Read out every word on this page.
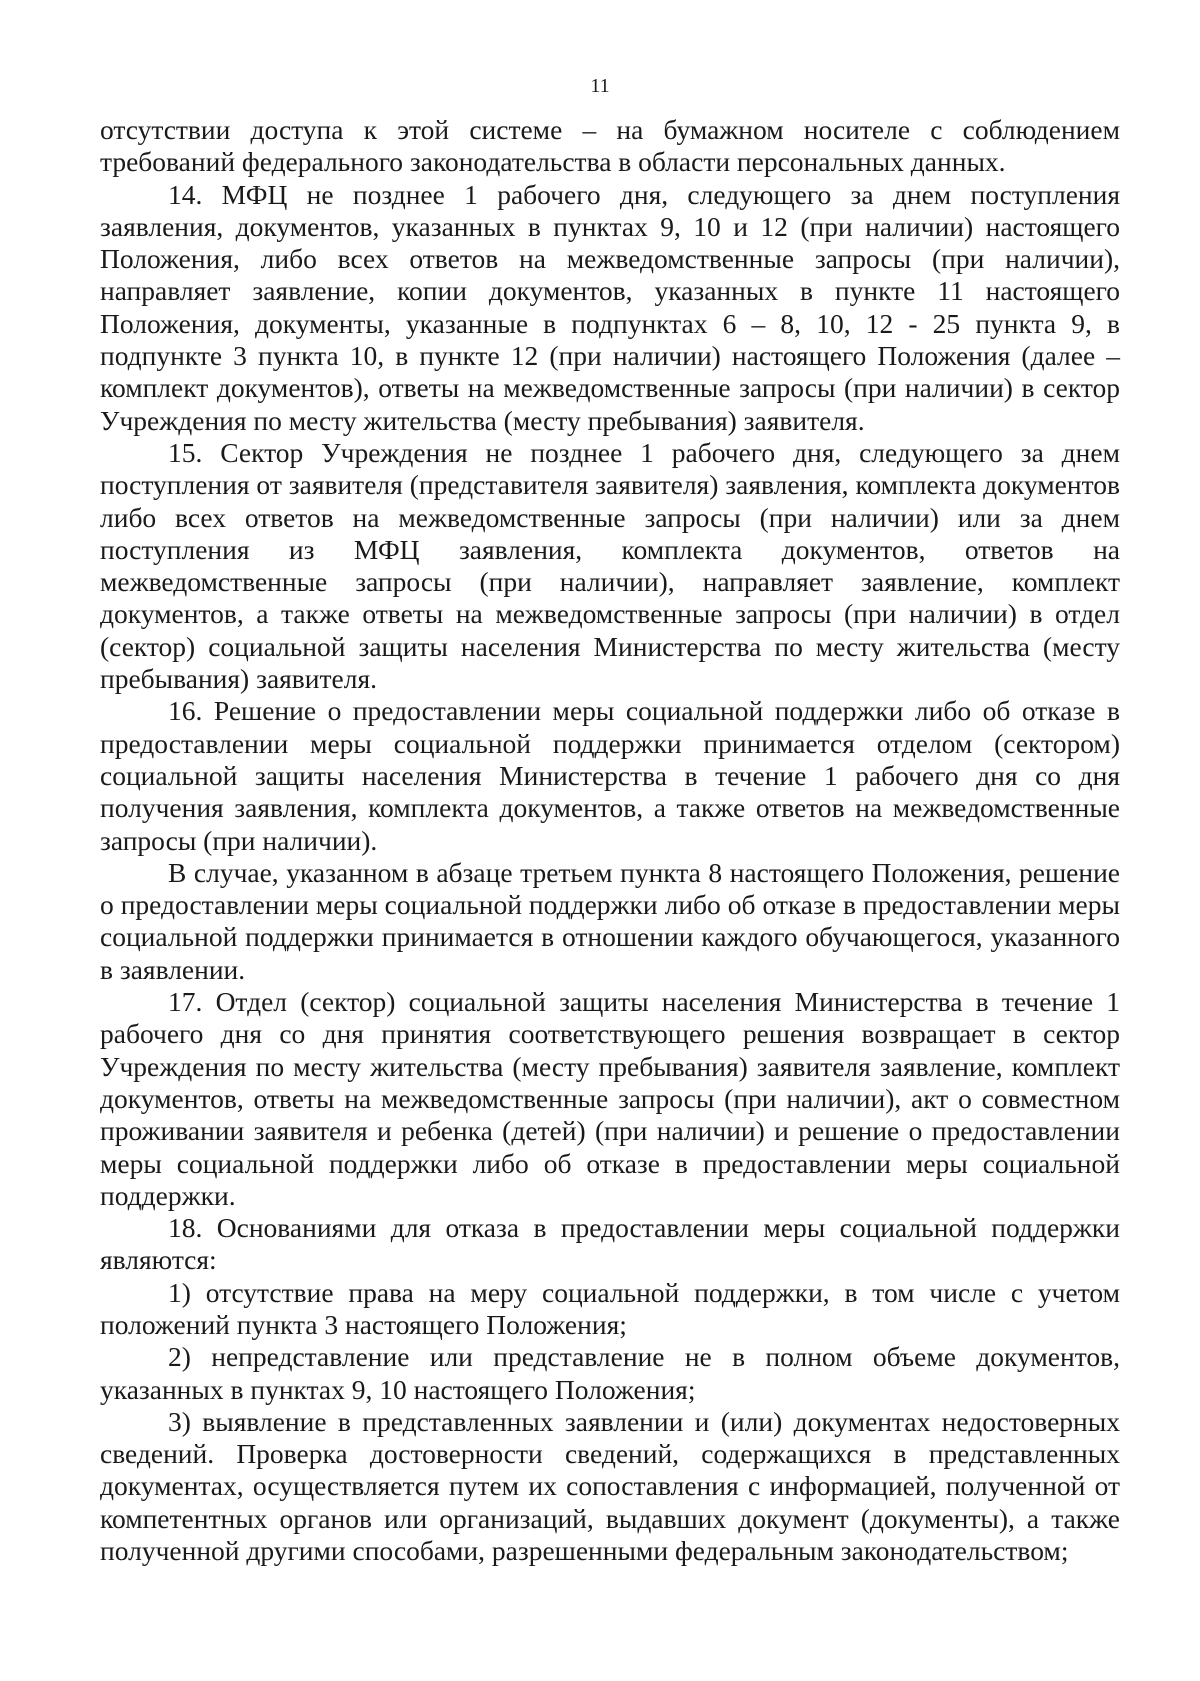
11

отсутствии доступа к этой системе – на бумажном носителе с соблюдением требований федерального законодательства в области персональных данных.

14. МФЦ не позднее 1 рабочего дня, следующего за днем поступления заявления, документов, указанных в пунктах 9, 10 и 12 (при наличии) настоящего Положения, либо всех ответов на межведомственные запросы (при наличии), направляет заявление, копии документов, указанных в пункте 11 настоящего Положения, документы, указанные в подпунктах 6 – 8, 10, 12 - 25 пункта 9, в подпункте 3 пункта 10, в пункте 12 (при наличии) настоящего Положения (далее – комплект документов), ответы на межведомственные запросы (при наличии) в сектор Учреждения по месту жительства (месту пребывания) заявителя.

15. Сектор Учреждения не позднее 1 рабочего дня, следующего за днем поступления от заявителя (представителя заявителя) заявления, комплекта документов либо всех ответов на межведомственные запросы (при наличии) или за днем поступления из МФЦ заявления, комплекта документов, ответов на межведомственные запросы (при наличии), направляет заявление, комплект документов, а также ответы на межведомственные запросы (при наличии) в отдел (сектор) социальной защиты населения Министерства по месту жительства (месту пребывания) заявителя.

16. Решение о предоставлении меры социальной поддержки либо об отказе в предоставлении меры социальной поддержки принимается отделом (сектором) социальной защиты населения Министерства в течение 1 рабочего дня со дня получения заявления, комплекта документов, а также ответов на межведомственные запросы (при наличии).

В случае, указанном в абзаце третьем пункта 8 настоящего Положения, решение о предоставлении меры социальной поддержки либо об отказе в предоставлении меры социальной поддержки принимается в отношении каждого обучающегося, указанного в заявлении.

17. Отдел (сектор) социальной защиты населения Министерства в течение 1 рабочего дня со дня принятия соответствующего решения возвращает в сектор Учреждения по месту жительства (месту пребывания) заявителя заявление, комплект документов, ответы на межведомственные запросы (при наличии), акт о совместном проживании заявителя и ребенка (детей) (при наличии) и решение о предоставлении меры социальной поддержки либо об отказе в предоставлении меры социальной поддержки.

18. Основаниями для отказа в предоставлении меры социальной поддержки являются:

1) отсутствие права на меру социальной поддержки, в том числе с учетом положений пункта 3 настоящего Положения;

2) непредставление или представление не в полном объеме документов, указанных в пунктах 9, 10 настоящего Положения;

3) выявление в представленных заявлении и (или) документах недостоверных сведений. Проверка достоверности сведений, содержащихся в представленных документах, осуществляется путем их сопоставления с информацией, полученной от компетентных органов или организаций, выдавших документ (документы), а также полученной другими способами, разрешенными федеральным законодательством;
